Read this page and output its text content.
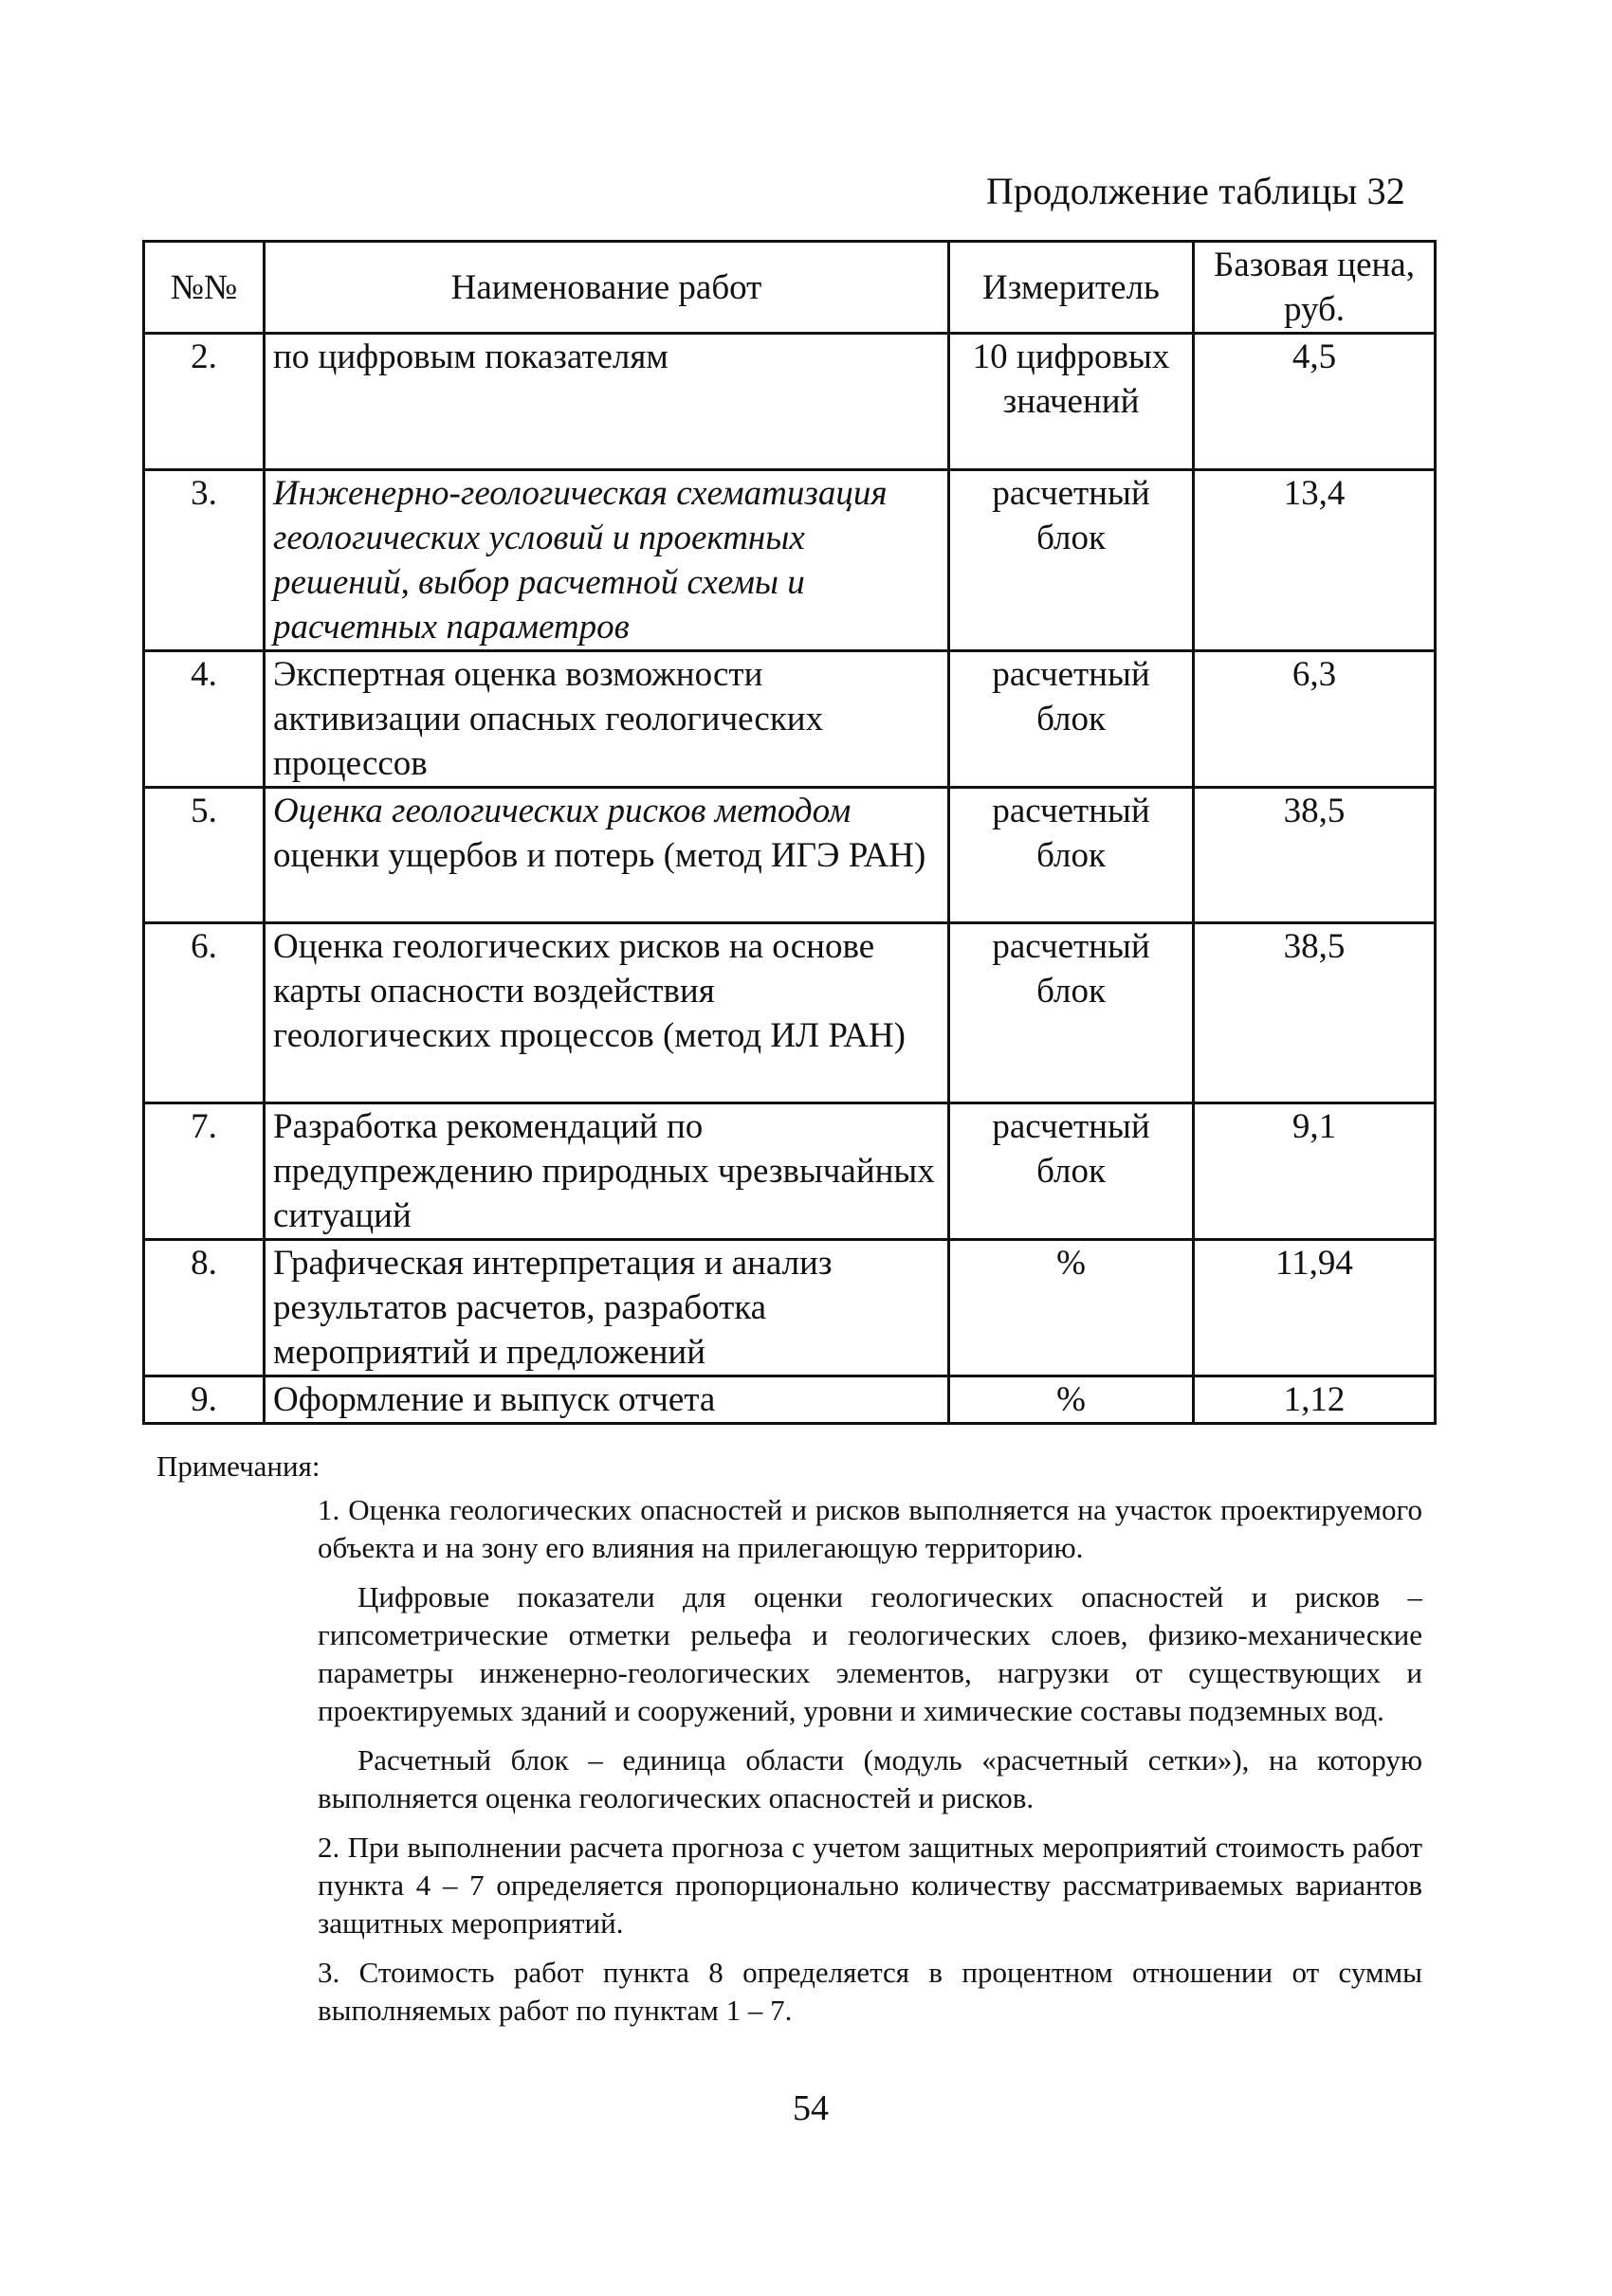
Продолжение таблицы 32
№№	Наименование работ	Измеритель	Базовая цена, руб.
2.	по цифровым показателям	10 цифровых значений	4,5
3.	Инженерно-геологическая схематизация геологических условий и проектных решений, выбор расчетной схемы и расчетных параметров	расчетный блок	13,4
4.	Экспертная оценка возможности активизации опасных геологических процессов	расчетный блок	6,3
5.	Оценка геологических рисков методом оценки ущербов и потерь (метод ИГЭ РАН)	расчетный блок	38,5
6.	Оценка геологических рисков на основе карты опасности воздействия геологических процессов (метод ИЛ РАН)	расчетный блок	38,5
7.	Разработка рекомендаций по предупреждению природных чрезвычайных ситуаций	расчетный блок	9,1
8.	Графическая интерпретация и анализ результатов расчетов, разработка мероприятий и предложений	%	11,94
9.	Оформление и выпуск отчета	%	1,12
Примечания:

1. Оценка геологических опасностей и рисков выполняется на участок проектируемого объекта и на зону его влияния на прилегающую территорию.

Цифровые показатели для оценки геологических опасностей и рисков – гипсометрические отметки рельефа и геологических слоев, физико-механические параметры инженерно-геологических элементов, нагрузки от существующих и проектируемых зданий и сооружений, уровни и химические составы подземных вод.

Расчетный блок – единица области (модуль «расчетный сетки»), на которую выполняется оценка геологических опасностей и рисков.

2. При выполнении расчета прогноза с учетом защитных мероприятий стоимость работ пункта 4 – 7 определяется пропорционально количеству рассматриваемых вариантов защитных мероприятий.

3. Стоимость работ пункта 8 определяется в процентном отношении от суммы выполняемых работ по пунктам 1 – 7.

54
